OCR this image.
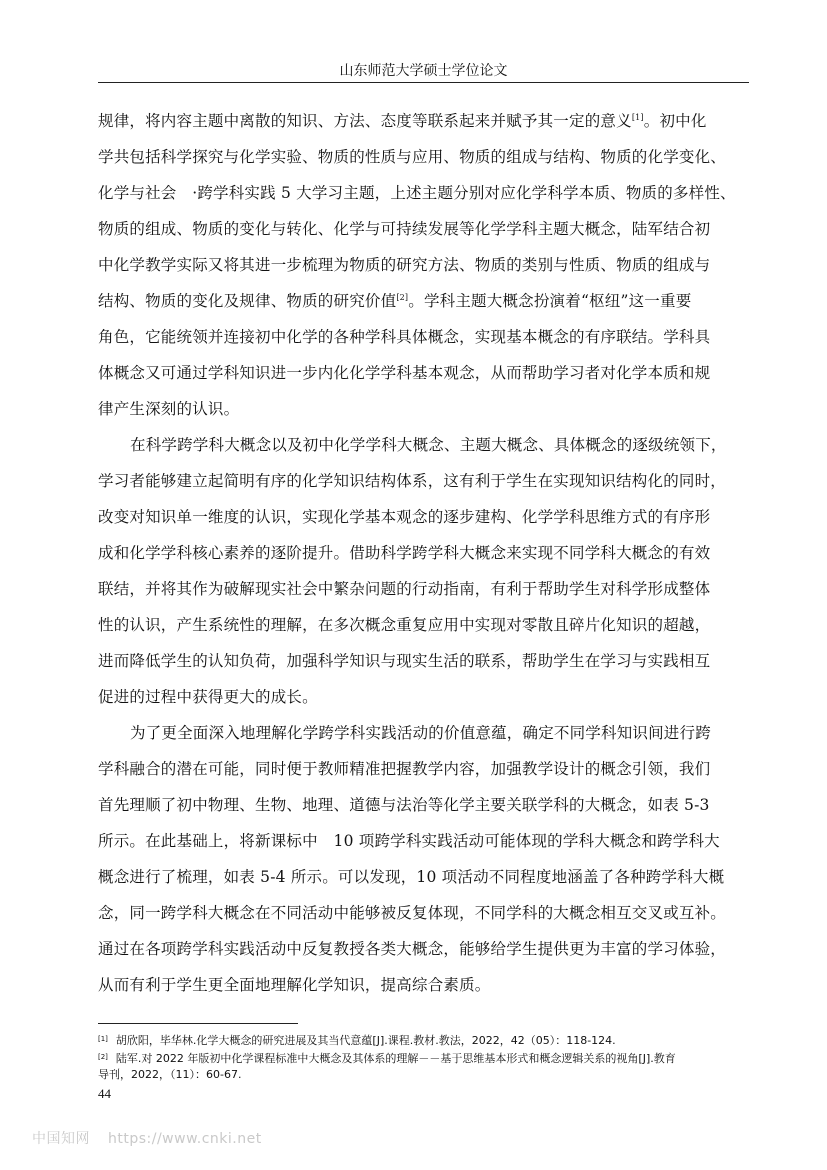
山东师范大学硕士学位论文
规律，将内容主题中离散的知识、方法、态度等联系起来并赋予其一定的意义[1]。初中化
学共包括科学探究与化学实验、物质的性质与应用、物质的组成与结构、物质的化学变化、
化学与社会　·跨学科实践 5 大学习主题，上述主题分别对应化学科学本质、物质的多样性、
物质的组成、物质的变化与转化、化学与可持续发展等化学学科主题大概念，陆军结合初
中化学教学实际又将其进一步梳理为物质的研究方法、物质的类别与性质、物质的组成与
结构、物质的变化及规律、物质的研究价值[2]。学科主题大概念扮演着“枢纽”这一重要
角色，它能统领并连接初中化学的各种学科具体概念，实现基本概念的有序联结。学科具
体概念又可通过学科知识进一步内化化学学科基本观念，从而帮助学习者对化学本质和规
律产生深刻的认识。
在科学跨学科大概念以及初中化学学科大概念、主题大概念、具体概念的逐级统领下，
学习者能够建立起简明有序的化学知识结构体系，这有利于学生在实现知识结构化的同时，
改变对知识单一维度的认识，实现化学基本观念的逐步建构、化学学科思维方式的有序形
成和化学学科核心素养的逐阶提升。借助科学跨学科大概念来实现不同学科大概念的有效
联结，并将其作为破解现实社会中繁杂问题的行动指南，有利于帮助学生对科学形成整体
性的认识，产生系统性的理解，在多次概念重复应用中实现对零散且碎片化知识的超越，
进而降低学生的认知负荷，加强科学知识与现实生活的联系，帮助学生在学习与实践相互
促进的过程中获得更大的成长。
为了更全面深入地理解化学跨学科实践活动的价值意蕴，确定不同学科知识间进行跨
学科融合的潜在可能，同时便于教师精准把握教学内容，加强教学设计的概念引领，我们
首先理顺了初中物理、生物、地理、道德与法治等化学主要关联学科的大概念，如表 5-3
所示。在此基础上，将新课标中　10 项跨学科实践活动可能体现的学科大概念和跨学科大
概念进行了梳理，如表 5-4 所示。可以发现，10 项活动不同程度地涵盖了各种跨学科大概
念，同一跨学科大概念在不同活动中能够被反复体现，不同学科的大概念相互交叉或互补。
通过在各项跨学科实践活动中反复教授各类大概念，能够给学生提供更为丰富的学习体验，
从而有利于学生更全面地理解化学知识，提高综合素质。
[1] 胡欣阳，毕华林.化学大概念的研究进展及其当代意蕴[J].课程.教材.教法，2022，42（05）：118-124.
[2] 陆军.对 2022 年版初中化学课程标准中大概念及其体系的理解－－基于思维基本形式和概念逻辑关系的视角[J].教育
导刊，2022，（11）：60-67.
44
中国知网 https://www.cnki.net
